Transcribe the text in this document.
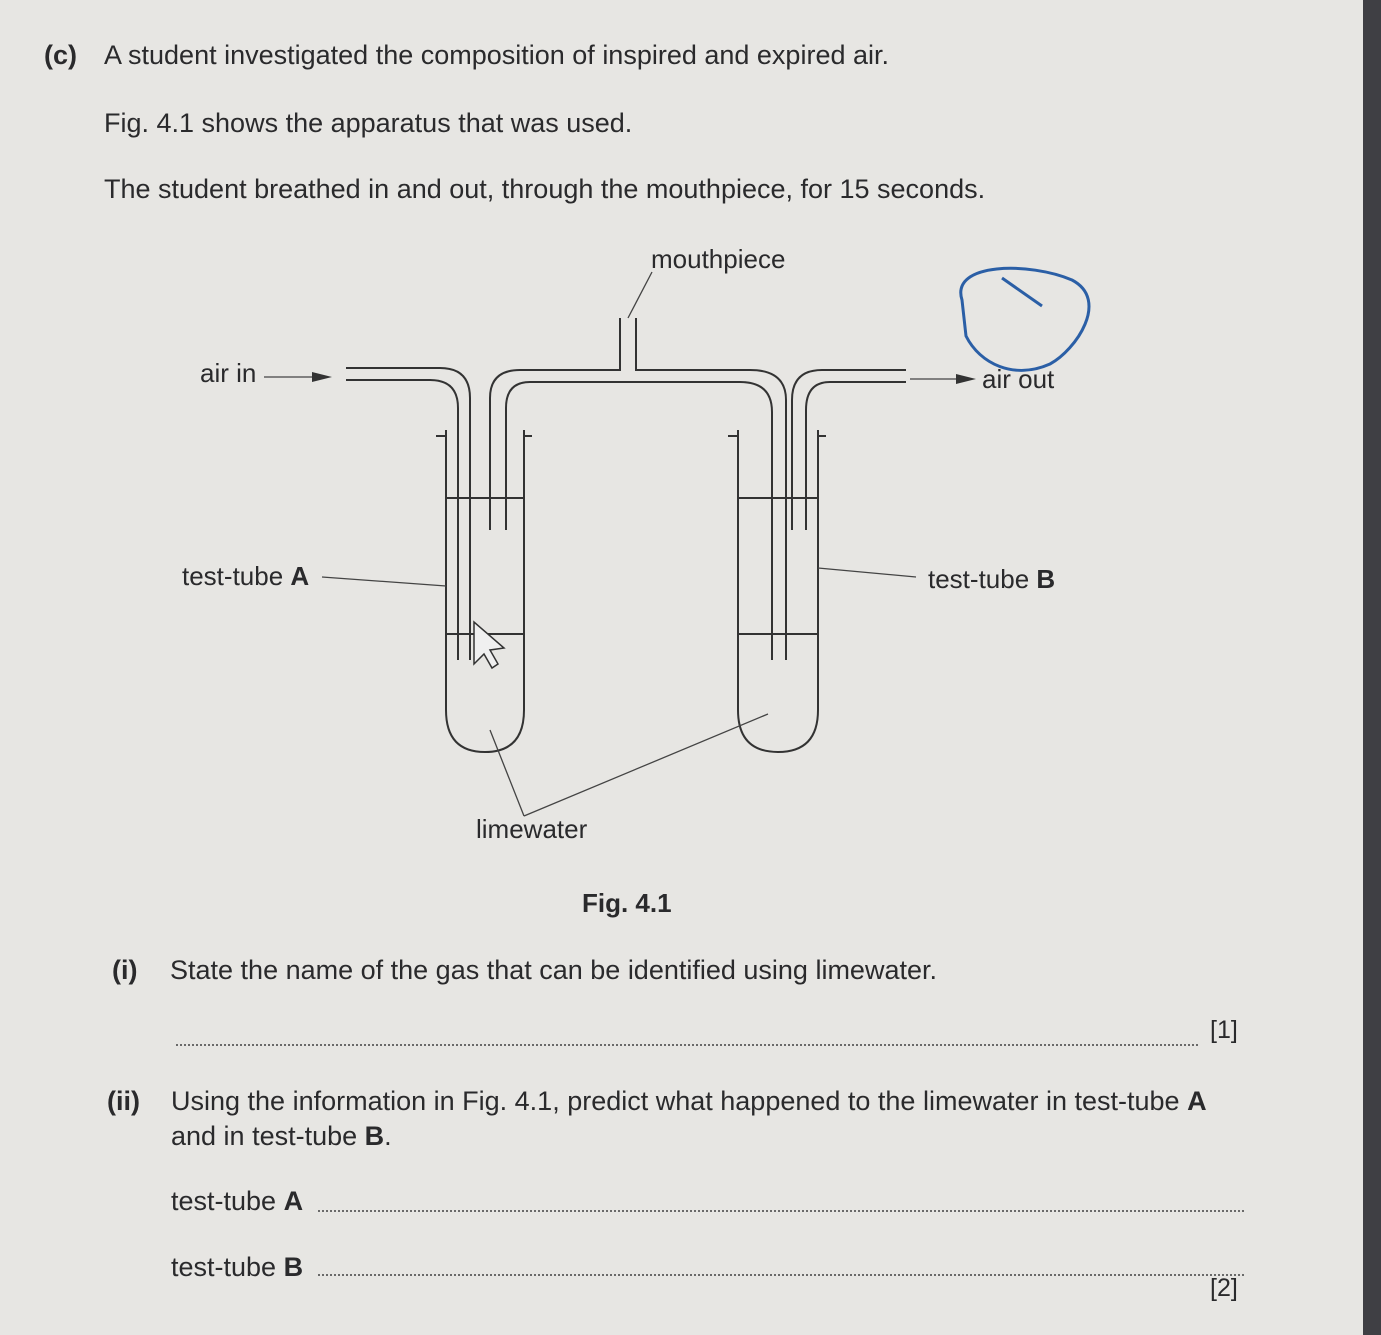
(c) A student investigated the composition of inspired and expired air.
Fig. 4.1 shows the apparatus that was used.
The student breathed in and out, through the mouthpiece, for 15 seconds.
mouthpiece
air in	air out
test-tube A	test-tube B
limewater
Fig. 4.1
(i) State the name of the gas that can be identified using limewater.
[1]
(ii) Using the information in Fig. 4.1, predict what happened to the limewater in test-tube A
and in test-tube B.
test-tube A
test-tube B
[2]
